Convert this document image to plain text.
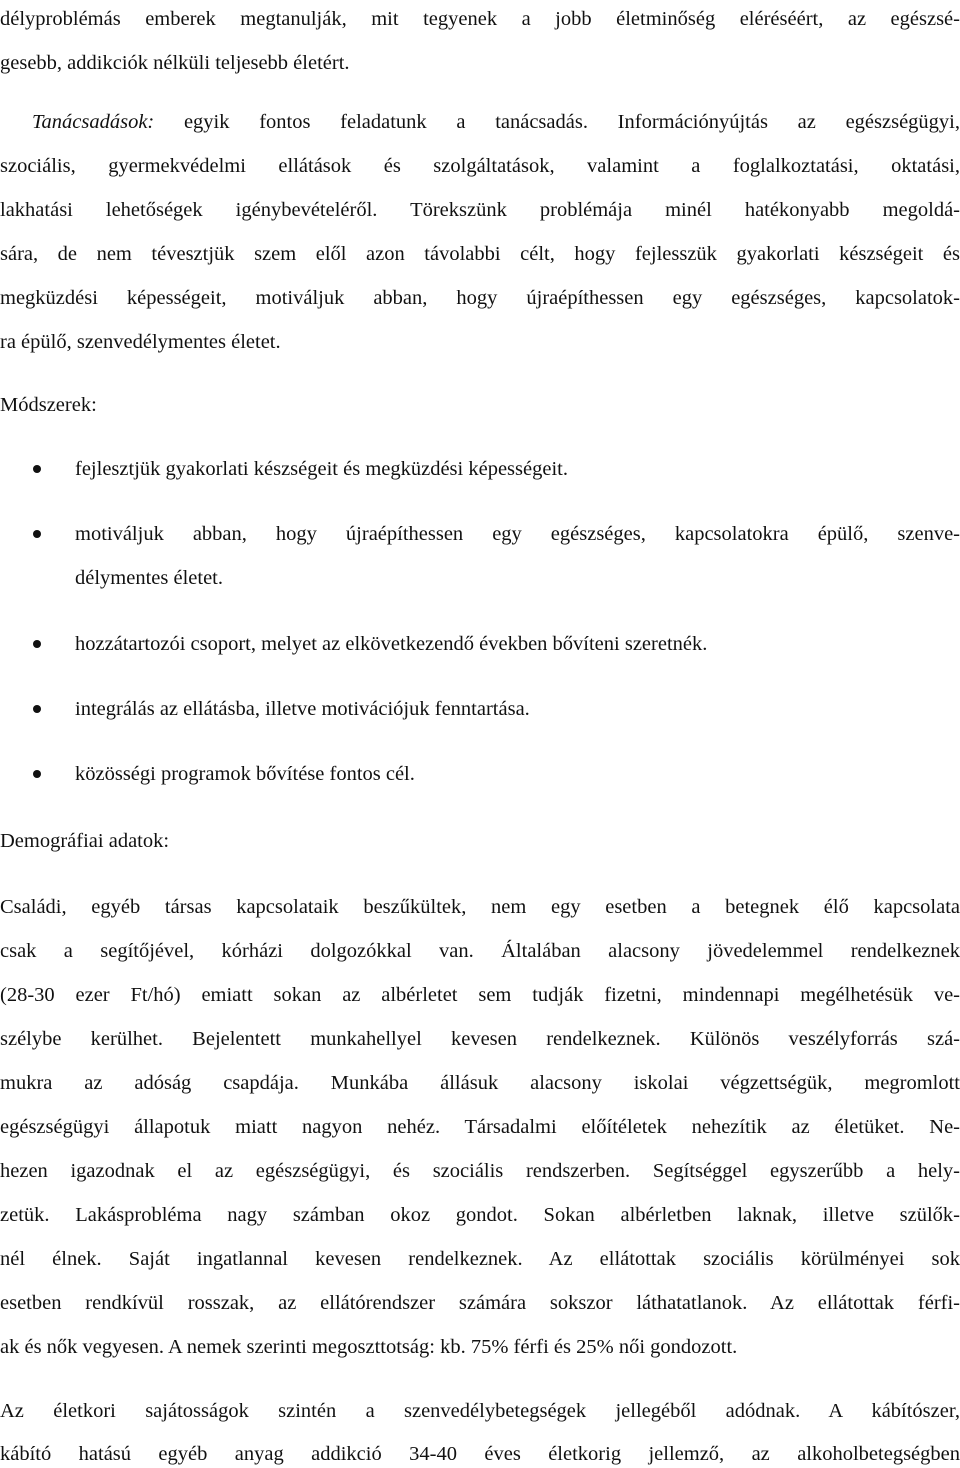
délyproblémás emberek megtanulják, mit tegyenek a jobb életminőség eléréséért, az egészsé-
gesebb, addikciók nélküli teljesebb életért.
Tanácsadások: egyik fontos feladatunk a tanácsadás. Információnyújtás az egészségügyi,
szociális, gyermekvédelmi ellátások és szolgáltatások, valamint a foglalkoztatási, oktatási,
lakhatási lehetőségek igénybevételéről. Törekszünk problémája minél hatékonyabb megoldá-
sára, de nem tévesztjük szem elől azon távolabbi célt, hogy fejlesszük gyakorlati készségeit és
megküzdési képességeit, motiváljuk abban, hogy újraépíthessen egy egészséges, kapcsolatok-
ra épülő, szenvedélymentes életet.
Módszerek:
fejlesztjük gyakorlati készségeit és megküzdési képességeit.
motiváljuk abban, hogy újraépíthessen egy egészséges, kapcsolatokra épülő, szenve-
délymentes életet.
hozzátartozói csoport, melyet az elkövetkezendő években bővíteni szeretnék.
integrálás az ellátásba, illetve motivációjuk fenntartása.
közösségi programok bővítése fontos cél.
Demográfiai adatok:
Családi, egyéb társas kapcsolataik beszűkültek, nem egy esetben a betegnek élő kapcsolata
csak a segítőjével, kórházi dolgozókkal van. Általában alacsony jövedelemmel rendelkeznek
(28-30 ezer Ft/hó) emiatt sokan az albérletet sem tudják fizetni, mindennapi megélhetésük ve-
szélybe kerülhet. Bejelentett munkahellyel kevesen rendelkeznek. Különös veszélyforrás szá-
mukra az adóság csapdája. Munkába állásuk alacsony iskolai végzettségük, megromlott
egészségügyi állapotuk miatt nagyon nehéz. Társadalmi előítéletek nehezítik az életüket. Ne-
hezen igazodnak el az egészségügyi, és szociális rendszerben. Segítséggel egyszerűbb a hely-
zetük. Lakásprobléma nagy számban okoz gondot. Sokan albérletben laknak, illetve szülők-
nél élnek. Saját ingatlannal kevesen rendelkeznek. Az ellátottak szociális körülményei sok
esetben rendkívül rosszak, az ellátórendszer számára sokszor láthatatlanok. Az ellátottak férfi-
ak és nők vegyesen. A nemek szerinti megoszttotság: kb. 75% férfi és 25% női gondozott.
Az életkori sajátosságok szintén a szenvedélybetegségek jellegéből adódnak. A kábítószer,
kábító hatású egyéb anyag addikció 34-40 éves életkorig jellemző, az alkoholbetegségben
